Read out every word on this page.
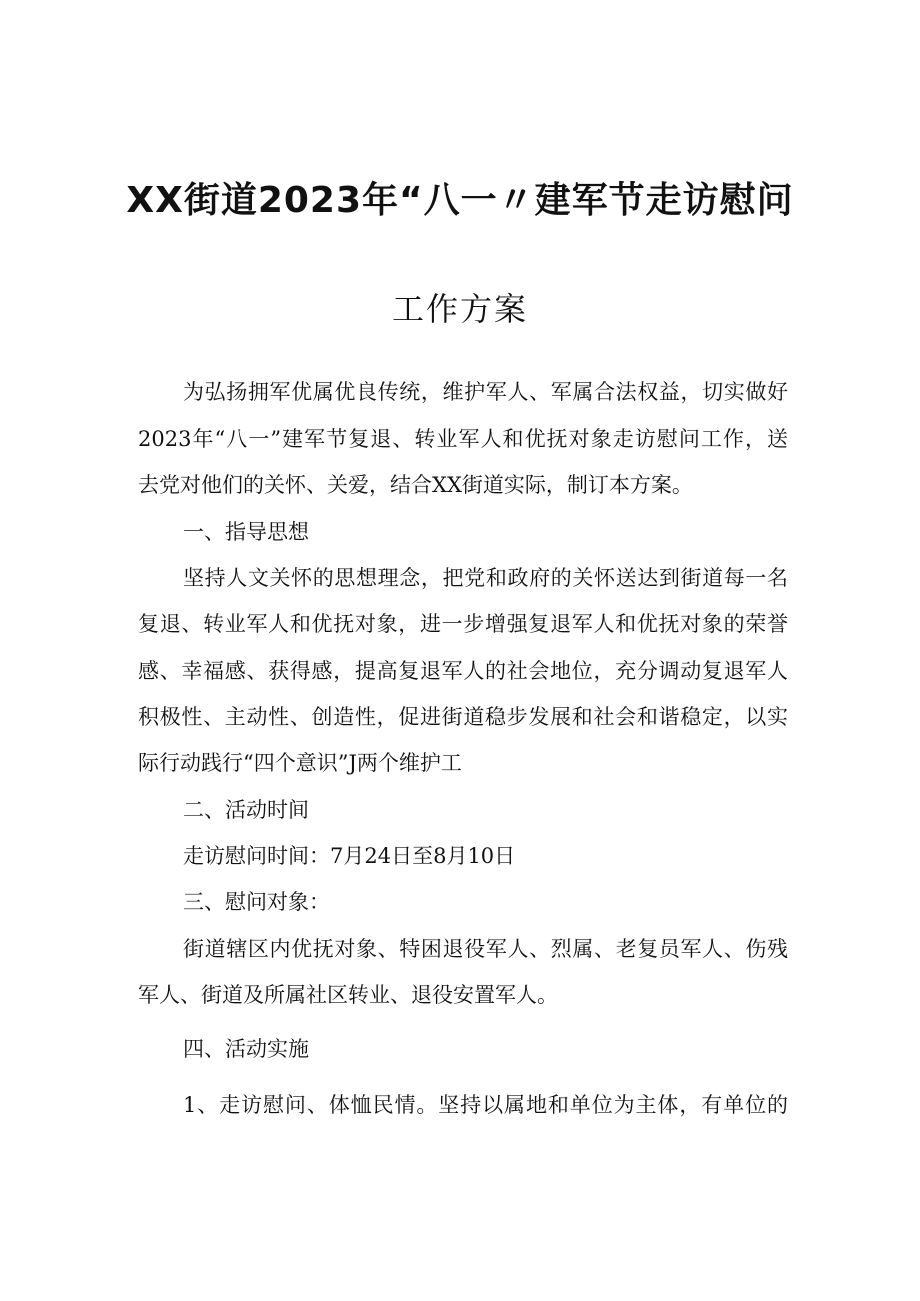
XX街道2023年“八一〃建军节走访慰问
工作方案
为弘扬拥军优属优良传统，维护军人、军属合法权益，切实做好
2023年“八一”建军节复退、转业军人和优抚对象走访慰问工作，送
去党对他们的关怀、关爱，结合XX街道实际，制订本方案。
一、指导思想
坚持人文关怀的思想理念，把党和政府的关怀送达到街道每一名
复退、转业军人和优抚对象，进一步增强复退军人和优抚对象的荣誉
感、幸福感、获得感，提高复退军人的社会地位，充分调动复退军人
积极性、主动性、创造性，促进街道稳步发展和社会和谐稳定，以实
际行动践行“四个意识”J两个维护工
二、活动时间
走访慰问时间：7月24日至8月10日
三、慰问对象：
街道辖区内优抚对象、特困退役军人、烈属、老复员军人、伤残
军人、街道及所属社区转业、退役安置军人。
四、活动实施
1、走访慰问、体恤民情。坚持以属地和单位为主体，有单位的
